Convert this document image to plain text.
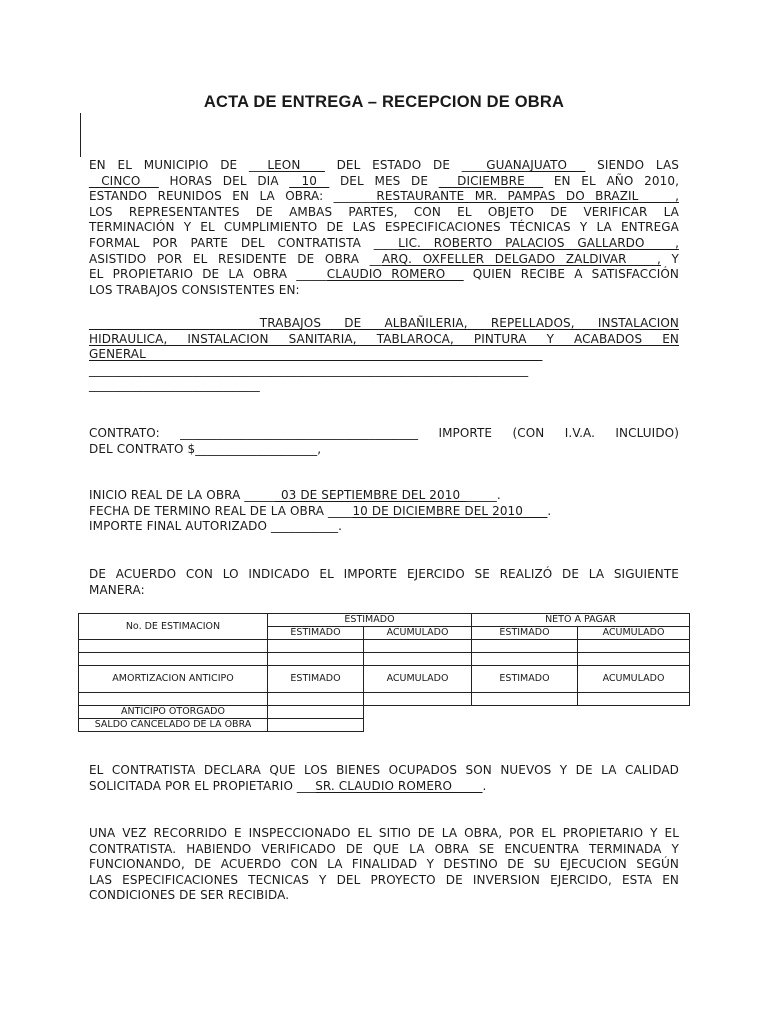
ACTA DE ENTREGA – RECEPCION DE OBRA
EN EL MUNICIPIO DE ___LEON____ DEL ESTADO DE ____GUANAJUATO___ SIENDO LAS
__CINCO___ HORAS DEL DIA __10__ DEL MES DE ___DICIEMBRE___ EN EL AÑO 2010,
ESTANDO REUNIDOS EN LA OBRA: _______RESTAURANTE MR. PAMPAS DO BRAZIL______,
LOS REPRESENTANTES DE AMBAS PARTES, CON EL OBJETO DE VERIFICAR LA
TERMINACIÓN Y EL CUMPLIMIENTO DE LAS ESPECIFICACIONES TÉCNICAS Y LA ENTREGA
FORMAL POR PARTE DEL CONTRATISTA ____LIC. ROBERTO PALACIOS GALLARDO_____,
ASISTIDO POR EL RESIDENTE DE OBRA __ARQ. OXFELLER DELGADO ZALDIVAR_____, Y
EL PROPIETARIO DE LA OBRA _____CLAUDIO ROMERO___ QUIEN RECIBE A SATISFACCIÓN
LOS TRABAJOS CONSISTENTES EN:
____________________________TRABAJOS DE ALBAÑILERIA, REPELLADOS, INSTALACION
HIDRAULICA, INSTALACION SANITARIA, TABLAROCA, PINTURA Y ACABADOS EN
GENERAL_________________________________________________________________
________________________________________________________________________
____________________________
CONTRATO: _______________________________________ IMPORTE (CON I.V.A. INCLUIDO)
DEL CONTRATO $____________________,
INICIO REAL DE LA OBRA ______03 DE SEPTIEMBRE DEL 2010______.
FECHA DE TERMINO REAL DE LA OBRA ____10 DE DICIEMBRE DEL 2010____.
IMPORTE FINAL AUTORIZADO ___________.
DE ACUERDO CON LO INDICADO EL IMPORTE EJERCIDO SE REALIZÓ DE LA SIGUIENTE
MANERA:
No. DE ESTIMACION	ESTIMADO		NETO A PAGAR	
	ESTIMADO	ACUMULADO	ESTIMADO	ACUMULADO

AMORTIZACION ANTICIPO	ESTIMADO	ACUMULADO	ESTIMADO	ACUMULADO

ANTICIPO OTORGADO				
SALDO CANCELADO DE LA OBRA				
EL CONTRATISTA DECLARA QUE LOS BIENES OCUPADOS SON NUEVOS Y DE LA CALIDAD
SOLICITADA POR EL PROPIETARIO ___SR. CLAUDIO ROMERO_____.
UNA VEZ RECORRIDO E INSPECCIONADO EL SITIO DE LA OBRA, POR EL PROPIETARIO Y EL
CONTRATISTA. HABIENDO VERIFICADO DE QUE LA OBRA SE ENCUENTRA TERMINADA Y
FUNCIONANDO, DE ACUERDO CON LA FINALIDAD Y DESTINO DE SU EJECUCION SEGÚN
LAS ESPECIFICACIONES TECNICAS Y DEL PROYECTO DE INVERSION EJERCIDO, ESTA EN
CONDICIONES DE SER RECIBIDA.
